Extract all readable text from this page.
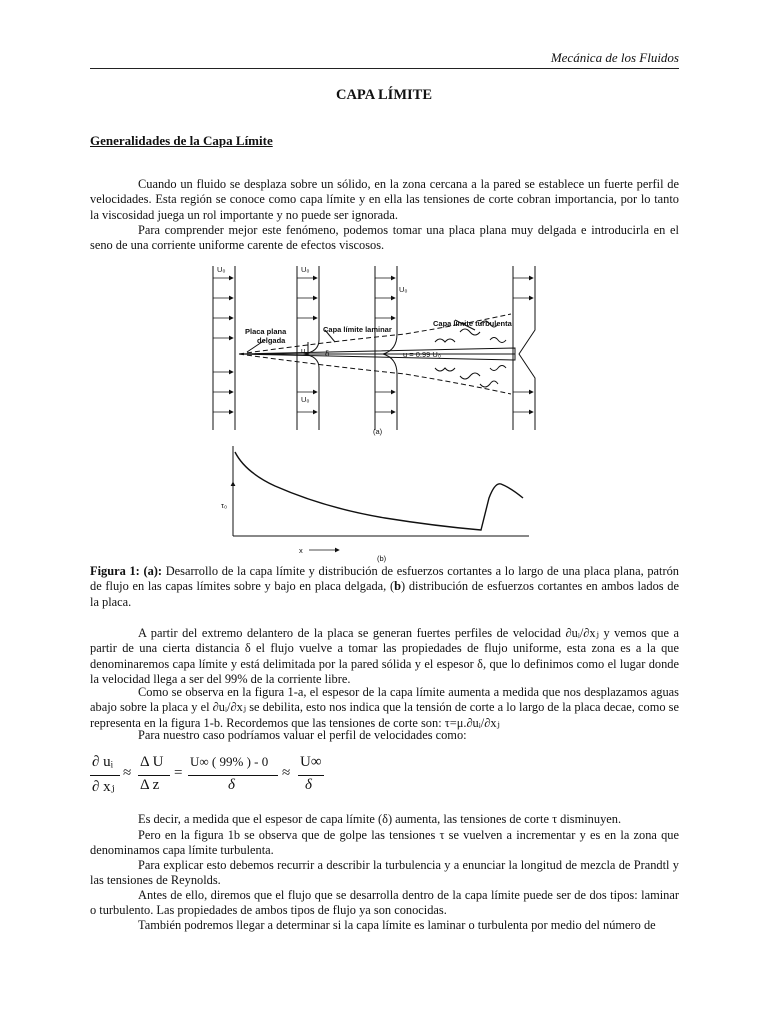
Mecánica de los Fluidos
CAPA LÍMITE
Generalidades de la Capa Límite

Cuando un fluido se desplaza sobre un sólido, en la zona cercana a la pared se establece un fuerte perfil de velocidades. Esta región se conoce como capa límite y en ella las tensiones de corte cobran importancia, por lo tanto la viscosidad juega un rol importante y no puede ser ignorada.

Para comprender mejor este fenómeno, podemos tomar una placa plana muy delgada e introducirla en el seno de una corriente uniforme carente de efectos viscosos.

U₀	U₀
U₀
U₀
Placa plana
delgada
Capa límite laminar
Capa límite turbulenta
u	δ	u = 0.99 U₀
(a)
τ₀
x
(b)

Figura 1: (a): Desarrollo de la capa límite y distribución de esfuerzos cortantes a lo largo de una placa plana, patrón de flujo en las capas límites sobre y bajo en placa delgada, (b) distribución de esfuerzos cortantes en ambos lados de la placa.

A partir del extremo delantero de la placa se generan fuertes perfiles de velocidad ∂uᵢ/∂xⱼ y vemos que a partir de una cierta distancia δ el flujo vuelve a tomar las propiedades de flujo uniforme, esta zona es a la que denominaremos capa límite y está delimitada por la pared sólida y el espesor δ, que lo definimos como el lugar donde la velocidad llega a ser del 99% de la corriente libre.

Como se observa en la figura 1-a, el espesor de la capa límite aumenta a medida que nos desplazamos aguas abajo sobre la placa y el ∂uᵢ/∂xⱼ se debilita, esto nos indica que la tensión de corte a lo largo de la placa decae, como se representa en la figura 1-b. Recordemos que las tensiones de corte son: τ=μ.∂uᵢ/∂xⱼ

Para nuestro caso podríamos valuar el perfil de velocidades como:

∂ uᵢ
∂ xⱼ
≈
Δ U
Δ z
=
U∞ ( 99% ) - 0
δ
≈
U∞
δ

Es decir, a medida que el espesor de capa límite (δ) aumenta, las tensiones de corte τ disminuyen.

Pero en la figura 1b se observa que de golpe las tensiones τ se vuelven a incrementar y es en la zona que denominamos capa límite turbulenta.

Para explicar esto debemos recurrir a describir la turbulencia y a enunciar la longitud de mezcla de Prandtl y las tensiones de Reynolds.

Antes de ello, diremos que el flujo que se desarrolla dentro de la capa límite puede ser de dos tipos: laminar o turbulento. Las propiedades de ambos tipos de flujo ya son conocidas.

También podremos llegar a determinar si la capa límite es laminar o turbulenta por medio del número de
